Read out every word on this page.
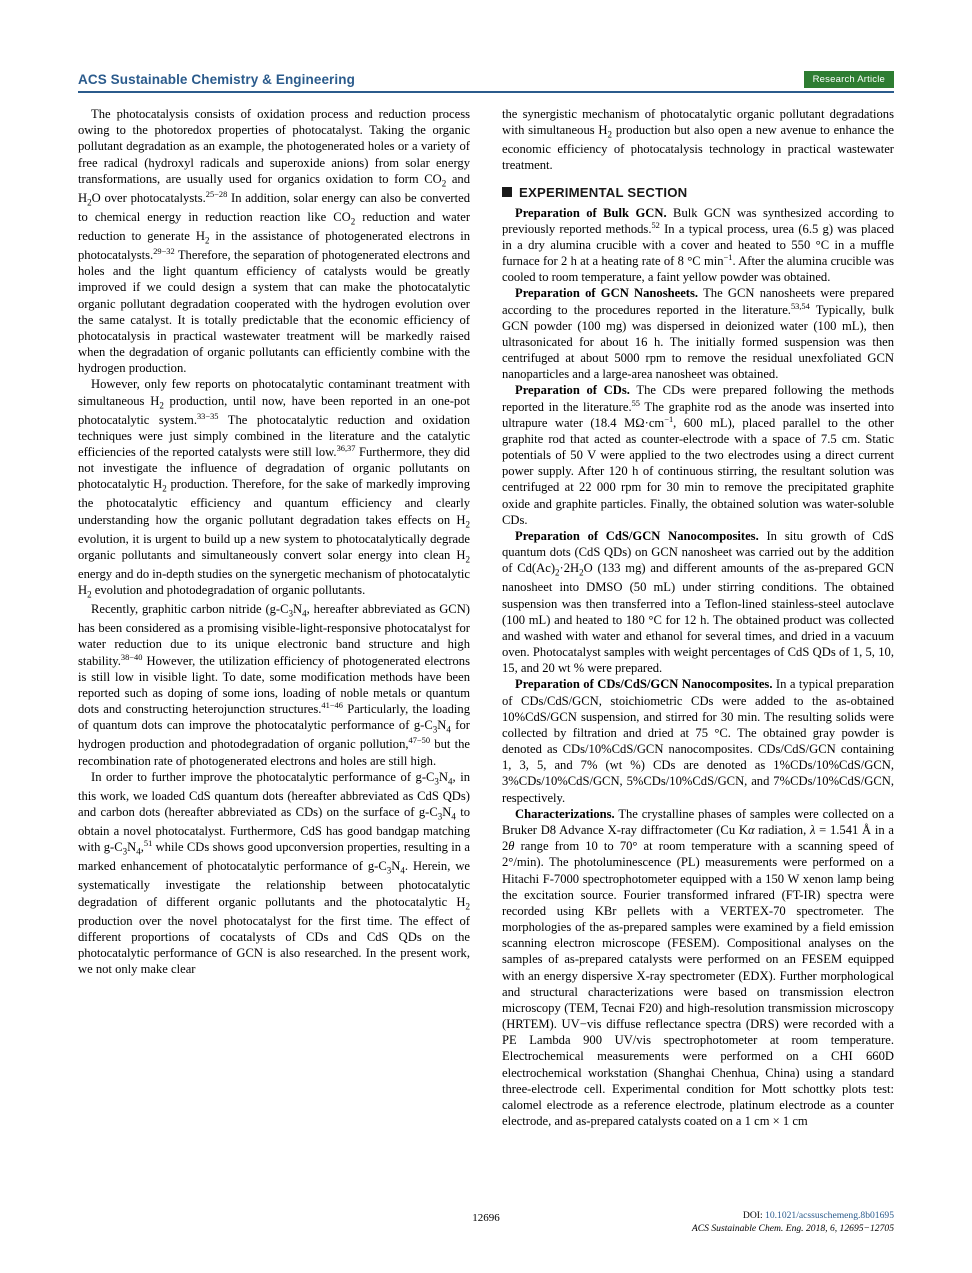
ACS Sustainable Chemistry & Engineering	Research Article

The photocatalysis consists of oxidation process and reduction process owing to the photoredox properties of photocatalyst. Taking the organic pollutant degradation as an example, the photogenerated holes or a variety of free radical (hydroxyl radicals and superoxide anions) from solar energy transformations, are usually used for organics oxidation to form $CO_2$ and $H_2O$ over photocatalysts.$^{25-28}$ In addition, solar energy can also be converted to chemical energy in reduction reaction like $CO_2$ reduction and water reduction to generate $H_2$ in the assistance of photogenerated electrons in photocatalysts.$^{29-32}$ Therefore, the separation of photogenerated electrons and holes and the light quantum efficiency of catalysts would be greatly improved if we could design a system that can make the photocatalytic organic pollutant degradation cooperated with the hydrogen evolution over the same catalyst. It is totally predictable that the economic efficiency of photocatalysis in practical wastewater treatment will be markedly raised when the degradation of organic pollutants can efficiently combine with the hydrogen production.

However, only few reports on photocatalytic contaminant treatment with simultaneous $H_2$ production, until now, have been reported in an one-pot photocatalytic system.$^{33-35}$ The photocatalytic reduction and oxidation techniques were just simply combined in the literature and the catalytic efficiencies of the reported catalysts were still low.$^{36,37}$ Furthermore, they did not investigate the influence of degradation of organic pollutants on photocatalytic $H_2$ production. Therefore, for the sake of markedly improving the photocatalytic efficiency and quantum efficiency and clearly understanding how the organic pollutant degradation takes effects on $H_2$ evolution, it is urgent to build up a new system to photocatalytically degrade organic pollutants and simultaneously convert solar energy into clean $H_2$ energy and do in-depth studies on the synergetic mechanism of photocatalytic $H_2$ evolution and photodegradation of organic pollutants.

Recently, graphitic carbon nitride ($g-C_3N_4$, hereafter abbreviated as GCN) has been considered as a promising visible-light-responsive photocatalyst for water reduction due to its unique electronic band structure and high stability.$^{38-40}$ However, the utilization efficiency of photogenerated electrons is still low in visible light. To date, some modification methods have been reported such as doping of some ions, loading of noble metals or quantum dots and constructing heterojunction structures.$^{41-46}$ Particularly, the loading of quantum dots can improve the photocatalytic performance of $g-C_3N_4$ for hydrogen production and photodegradation of organic pollution,$^{47-50}$ but the recombination rate of photogenerated electrons and holes are still high.

In order to further improve the photocatalytic performance of $g-C_3N_4$, in this work, we loaded CdS quantum dots (hereafter abbreviated as CdS QDs) and carbon dots (hereafter abbreviated as CDs) on the surface of $g-C_3N_4$ to obtain a novel photocatalyst. Furthermore, CdS has good bandgap matching with $g-C_3N_4,^{51}$ while CDs shows good upconversion properties, resulting in a marked enhancement of photocatalytic performance of $g-C_3N_4$. Herein, we systematically investigate the relationship between photocatalytic degradation of different organic pollutants and the photocatalytic $H_2$ production over the novel photocatalyst for the first time. The effect of different proportions of cocatalysts of CDs and CdS QDs on the photocatalytic performance of GCN is also researched. In the present work, we not only make clear

the synergistic mechanism of photocatalytic organic pollutant degradations with simultaneous $H_2$ production but also open a new avenue to enhance the economic efficiency of photocatalysis technology in practical wastewater treatment.

EXPERIMENTAL SECTION

Preparation of Bulk GCN. Bulk GCN was synthesized according to previously reported methods.$^{52}$ In a typical process, urea (6.5 g) was placed in a dry alumina crucible with a cover and heated to 550 °C in a muffle furnace for 2 h at a heating rate of 8 °C min$^{-1}$. After the alumina crucible was cooled to room temperature, a faint yellow powder was obtained.

Preparation of GCN Nanosheets. The GCN nanosheets were prepared according to the procedures reported in the literature.$^{53,54}$ Typically, bulk GCN powder (100 mg) was dispersed in deionized water (100 mL), then ultrasonicated for about 16 h. The initially formed suspension was then centrifuged at about 5000 rpm to remove the residual unexfoliated GCN nanoparticles and a large-area nanosheet was obtained.

Preparation of CDs. The CDs were prepared following the methods reported in the literature.$^{55}$ The graphite rod as the anode was inserted into ultrapure water (18.4 MΩ·cm$^{-1}$, 600 mL), placed parallel to the other graphite rod that acted as counter-electrode with a space of 7.5 cm. Static potentials of 50 V were applied to the two electrodes using a direct current power supply. After 120 h of continuous stirring, the resultant solution was centrifuged at 22 000 rpm for 30 min to remove the precipitated graphite oxide and graphite particles. Finally, the obtained solution was water-soluble CDs.

Preparation of CdS/GCN Nanocomposites. In situ growth of CdS quantum dots (CdS QDs) on GCN nanosheet was carried out by the addition of $Cd(Ac)_2\cdot 2H_2O$ (133 mg) and different amounts of the as-prepared GCN nanosheet into DMSO (50 mL) under stirring conditions. The obtained suspension was then transferred into a Teflon-lined stainless-steel autoclave (100 mL) and heated to 180 °C for 12 h. The obtained product was collected and washed with water and ethanol for several times, and dried in a vacuum oven. Photocatalyst samples with weight percentages of CdS QDs of 1, 5, 10, 15, and 20 wt % were prepared.

Preparation of CDs/CdS/GCN Nanocomposites. In a typical preparation of CDs/CdS/GCN, stoichiometric CDs were added to the as-obtained 10%CdS/GCN suspension, and stirred for 30 min. The resulting solids were collected by filtration and dried at 75 °C. The obtained gray powder is denoted as CDs/10%CdS/GCN nanocomposites. CDs/CdS/GCN containing 1, 3, 5, and 7% (wt %) CDs are denoted as 1%CDs/10%CdS/GCN, 3%CDs/10%CdS/GCN, 5%CDs/10%CdS/GCN, and 7%CDs/10%CdS/GCN, respectively.

Characterizations. The crystalline phases of samples were collected on a Bruker D8 Advance X-ray diffractometer (Cu Kα radiation, λ = 1.541 Å in a 2θ range from 10 to 70° at room temperature with a scanning speed of 2°/min). The photoluminescence (PL) measurements were performed on a Hitachi F-7000 spectrophotometer equipped with a 150 W xenon lamp being the excitation source. Fourier transformed infrared (FT-IR) spectra were recorded using KBr pellets with a VERTEX-70 spectrometer. The morphologies of the as-prepared samples were examined by a field emission scanning electron microscope (FESEM). Compositional analyses on the samples of as-prepared catalysts were performed on an FESEM equipped with an energy dispersive X-ray spectrometer (EDX). Further morphological and structural characterizations were based on transmission electron microscopy (TEM, Tecnai F20) and high-resolution transmission microscopy (HRTEM). UV−vis diffuse reflectance spectra (DRS) were recorded with a PE Lambda 900 UV/vis spectrophotometer at room temperature. Electrochemical measurements were performed on a CHI 660D electrochemical workstation (Shanghai Chenhua, China) using a standard three-electrode cell. Experimental condition for Mott schottky plots test: calomel electrode as a reference electrode, platinum electrode as a counter electrode, and as-prepared catalysts coated on a 1 cm × 1 cm

12696	DOI: 10.1021/acssuschemeng.8b01695
ACS Sustainable Chem. Eng. 2018, 6, 12695−12705
